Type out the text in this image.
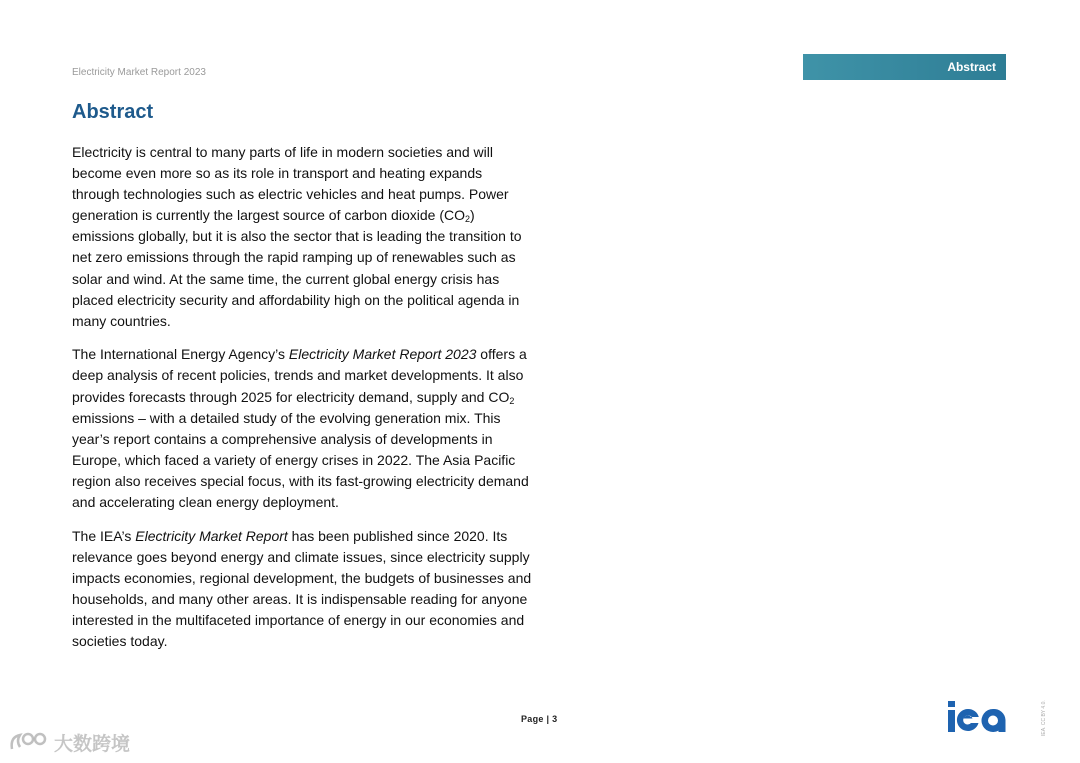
Electricity Market Report 2023	Abstract
Abstract

Electricity is central to many parts of life in modern societies and will become even more so as its role in transport and heating expands through technologies such as electric vehicles and heat pumps. Power generation is currently the largest source of carbon dioxide $(CO_2)$ emissions globally, but it is also the sector that is leading the transition to net zero emissions through the rapid ramping up of renewables such as solar and wind. At the same time, the current global energy crisis has placed electricity security and affordability high on the political agenda in many countries.

The International Energy Agency’s Electricity Market Report 2023 offers a deep analysis of recent policies, trends and market developments. It also provides forecasts through 2025 for electricity demand, supply and $CO_2$ emissions – with a detailed study of the evolving generation mix. This year’s report contains a comprehensive analysis of developments in Europe, which faced a variety of energy crises in 2022. The Asia Pacific region also receives special focus, with its fast-growing electricity demand and accelerating clean energy deployment.

The IEA’s Electricity Market Report has been published since 2020. Its relevance goes beyond energy and climate issues, since electricity supply impacts economies, regional development, the budgets of businesses and households, and many other areas. It is indispensable reading for anyone interested in the multifaceted importance of energy in our economies and societies today.

Page | 3	IEA. CC BY 4.0.
大数跨境
